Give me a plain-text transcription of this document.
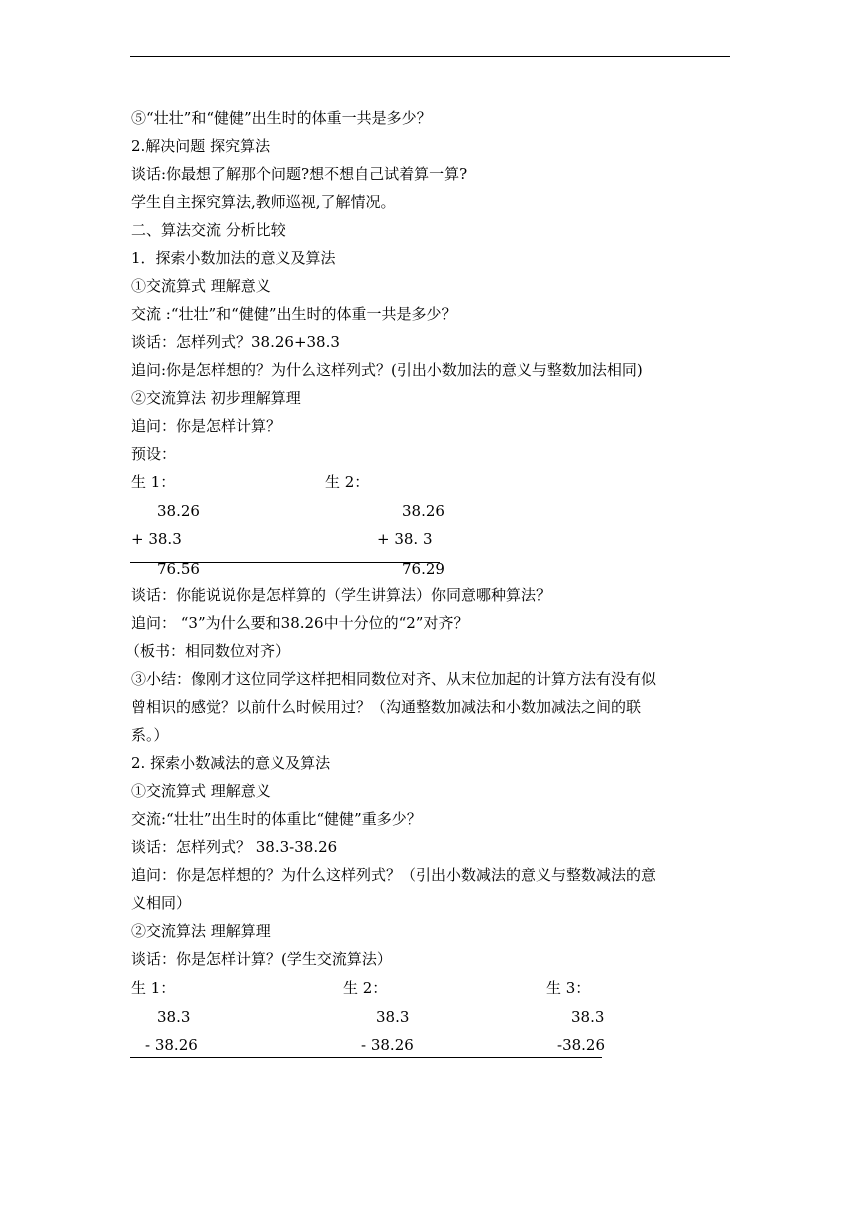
⑤“壮壮”和“健健”出生时的体重一共是多少？
2.解决问题 探究算法
谈话:你最想了解那个问题?想不想自己试着算一算?
学生自主探究算法,教师巡视,了解情况。
二、算法交流 分析比较
1．探索小数加法的意义及算法
①交流算式 理解意义
交流 :“壮壮”和“健健”出生时的体重一共是多少？
谈话：怎样列式？38.26+38.3
追问:你是怎样想的？为什么这样列式？(引出小数加法的意义与整数加法相同)
②交流算法 初步理解算理
追问：你是怎样计算？
预设：
生 1：	生 2：
38.26	38.26
+ 38.3	+ 38. 3
76.56	76.29
谈话：你能说说你是怎样算的（学生讲算法）你同意哪种算法？
追问： “3”为什么要和38.26中十分位的“2”对齐？
（板书：相同数位对齐）
③小结：像刚才这位同学这样把相同数位对齐、从末位加起的计算方法有没有似
曾相识的感觉？以前什么时候用过？（沟通整数加减法和小数加减法之间的联
系。）
2. 探索小数减法的意义及算法
①交流算式 理解意义
交流:“壮壮”出生时的体重比“健健”重多少？
谈话：怎样列式？ 38.3-38.26
追问：你是怎样想的？为什么这样列式？（引出小数减法的意义与整数减法的意
义相同）
②交流算法 理解算理
谈话：你是怎样计算？(学生交流算法）
生 1：	生 2：	生 3：
38.3	38.3	38.3
- 38.26	- 38.26	-38.26
